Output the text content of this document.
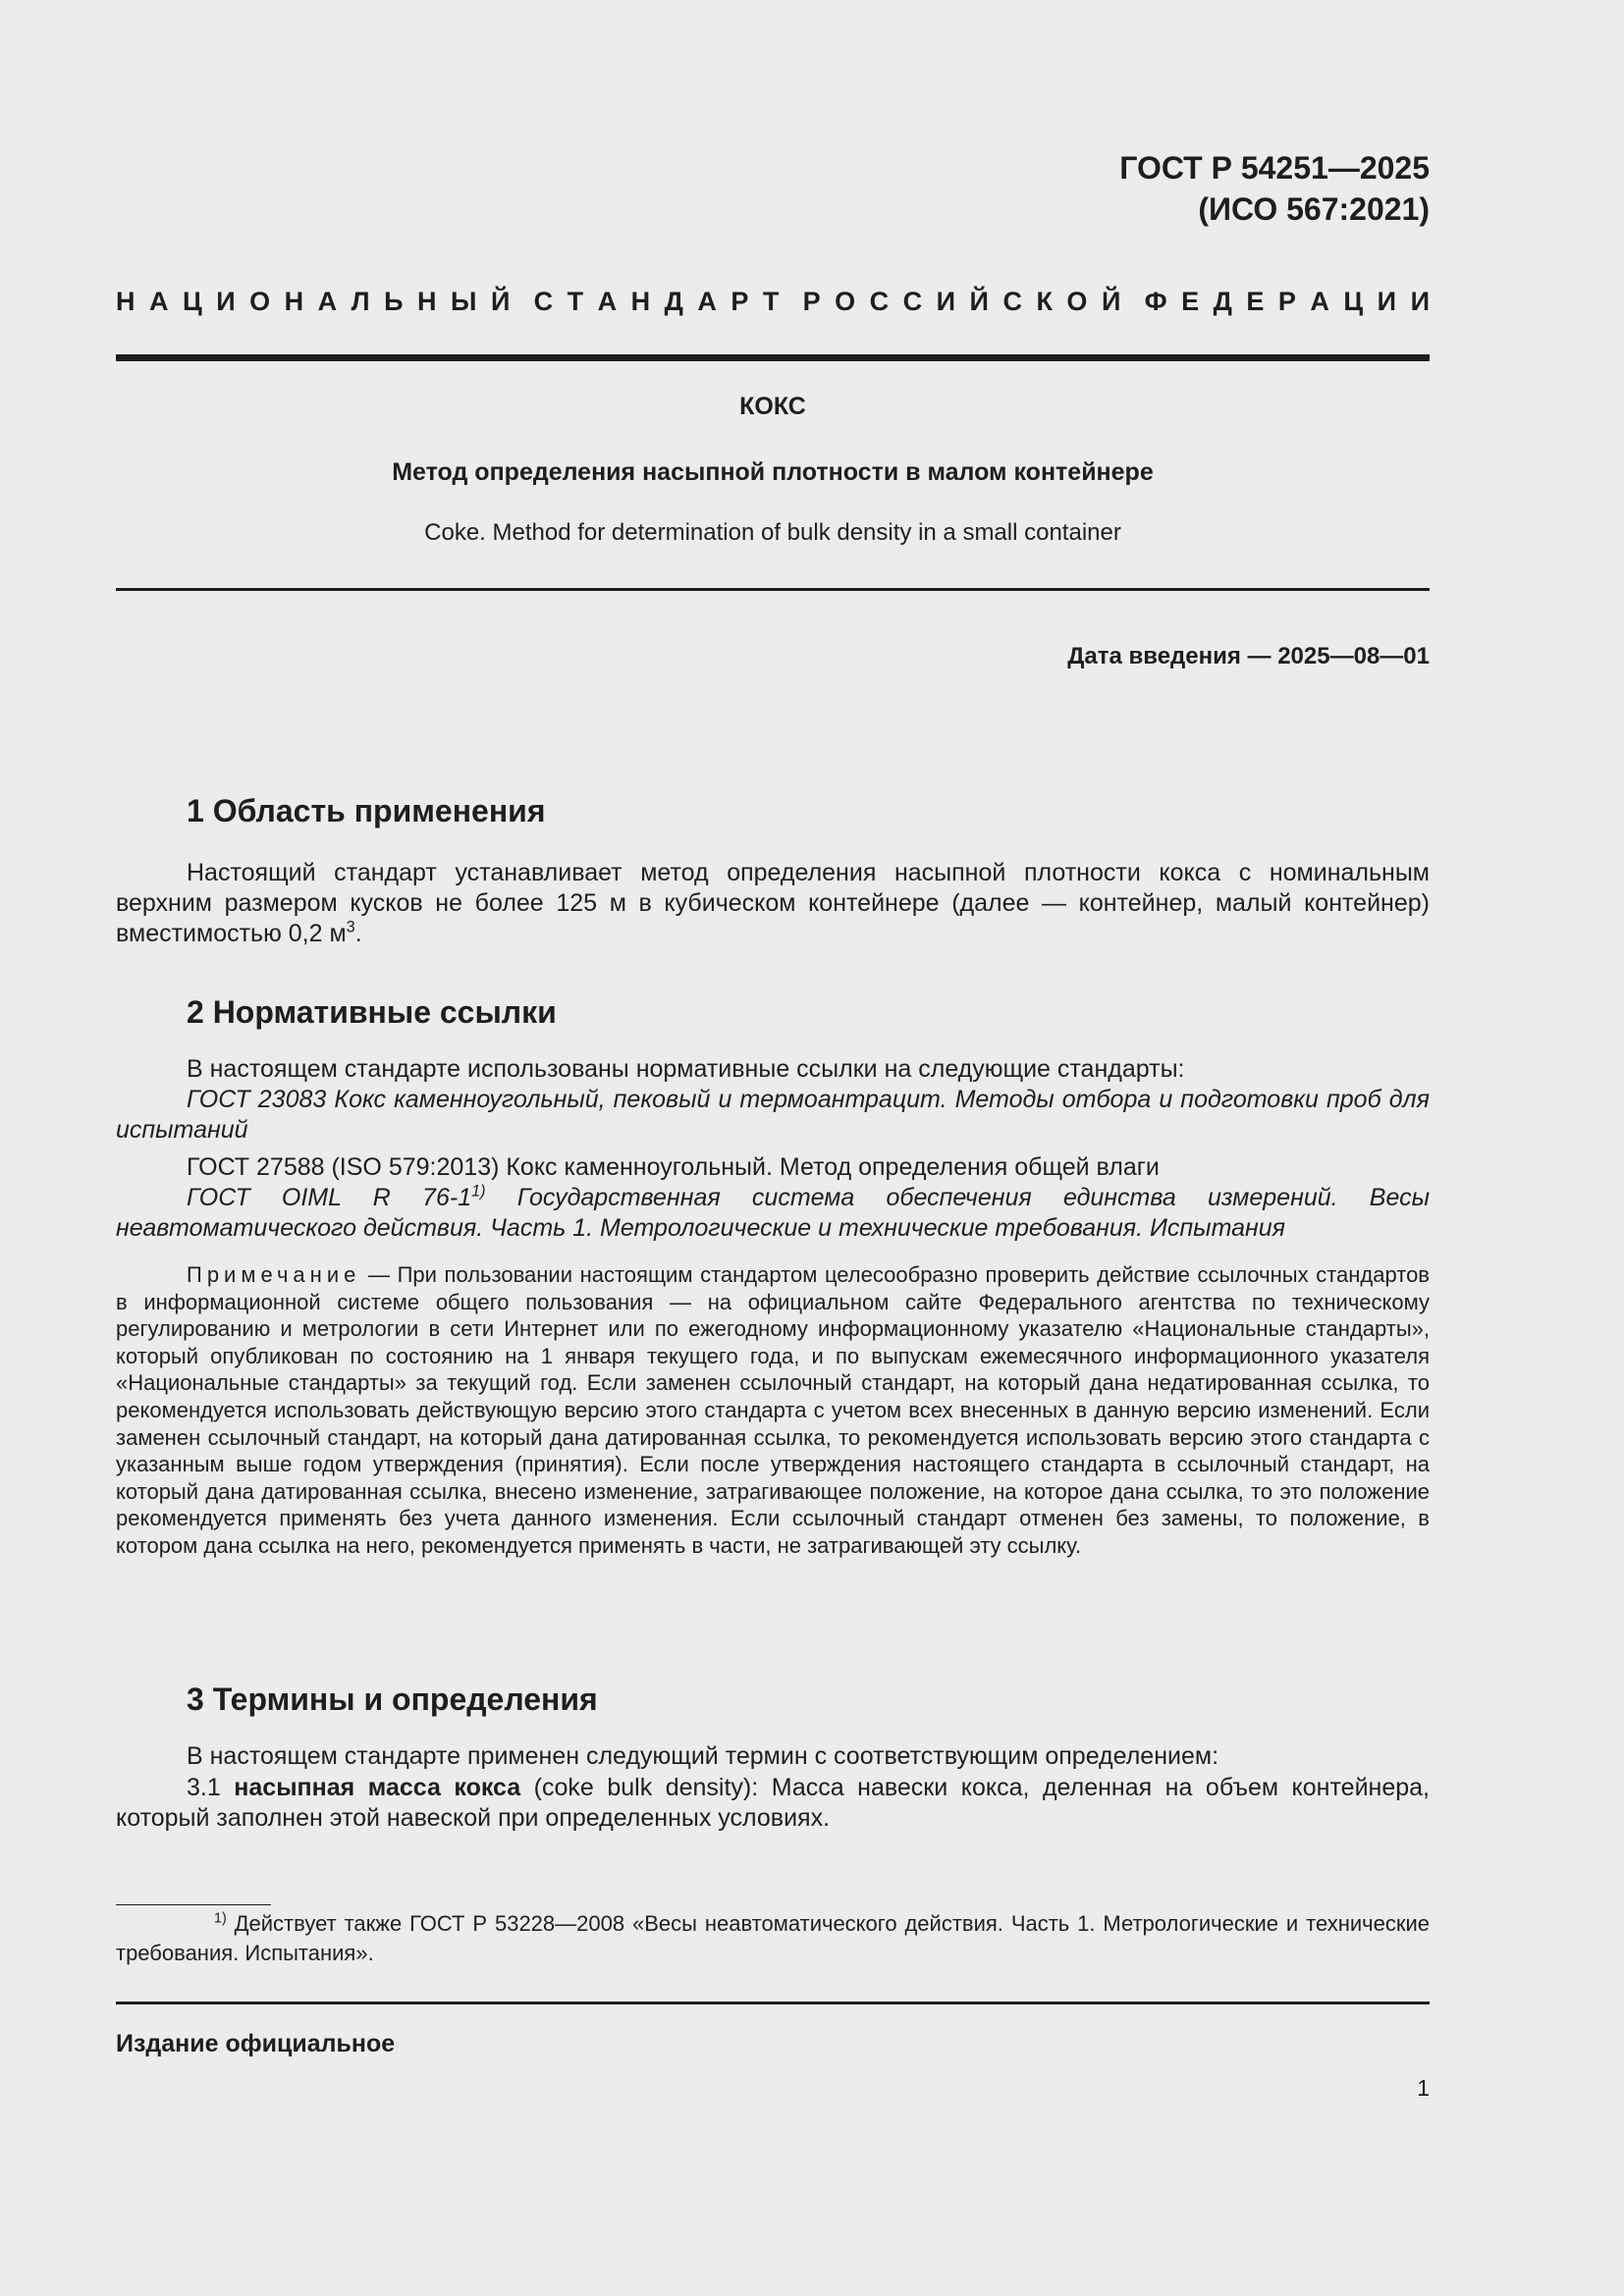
ГОСТ Р 54251—2025
(ИСО 567:2021)
Н А Ц И О Н А Л Ь Н Ы Й С Т А Н Д А Р Т Р О С С И Й С К О Й Ф Е Д Е Р А Ц И И
КОКС
Метод определения насыпной плотности в малом контейнере
Coke. Method for determination of bulk density in a small container
Дата введения — 2025—08—01
1 Область применения
Настоящий стандарт устанавливает метод определения насыпной плотности кокса с номинальным верхним размером кусков не более 125 м в кубическом контейнере (далее — контейнер, малый контейнер) вместимостью 0,2 $м^3$.
2 Нормативные ссылки
В настоящем стандарте использованы нормативные ссылки на следующие стандарты:
ГОСТ 23083 Кокс каменноугольный, пековый и термоантрацит. Методы отбора и подготовки проб для испытаний
ГОСТ 27588 (ISO 579:2013) Кокс каменноугольный. Метод определения общей влаги
ГОСТ OIML R 76-1$^{1)}$ Государственная система обеспечения единства измерений. Весы неавтоматического действия. Часть 1. Метрологические и технические требования. Испытания
Примечание — При пользовании настоящим стандартом целесообразно проверить действие ссылочных стандартов в информационной системе общего пользования — на официальном сайте Федерального агентства по техническому регулированию и метрологии в сети Интернет или по ежегодному информационному указателю «Национальные стандарты», который опубликован по состоянию на 1 января текущего года, и по выпускам ежемесячного информационного указателя «Национальные стандарты» за текущий год. Если заменен ссылочный стандарт, на который дана недатированная ссылка, то рекомендуется использовать действующую версию этого стандарта с учетом всех внесенных в данную версию изменений. Если заменен ссылочный стандарт, на который дана датированная ссылка, то рекомендуется использовать версию этого стандарта с указанным выше годом утверждения (принятия). Если после утверждения настоящего стандарта в ссылочный стандарт, на который дана датированная ссылка, внесено изменение, затрагивающее положение, на которое дана ссылка, то это положение рекомендуется применять без учета данного изменения. Если ссылочный стандарт отменен без замены, то положение, в котором дана ссылка на него, рекомендуется применять в части, не затрагивающей эту ссылку.
3 Термины и определения
В настоящем стандарте применен следующий термин с соответствующим определением:
3.1 насыпная масса кокса (coke bulk density): Масса навески кокса, деленная на объем контейнера, который заполнен этой навеской при определенных условиях.
$^{1)}$ Действует также ГОСТ Р 53228—2008 «Весы неавтоматического действия. Часть 1. Метрологические и технические требования. Испытания».
Издание официальное
1
